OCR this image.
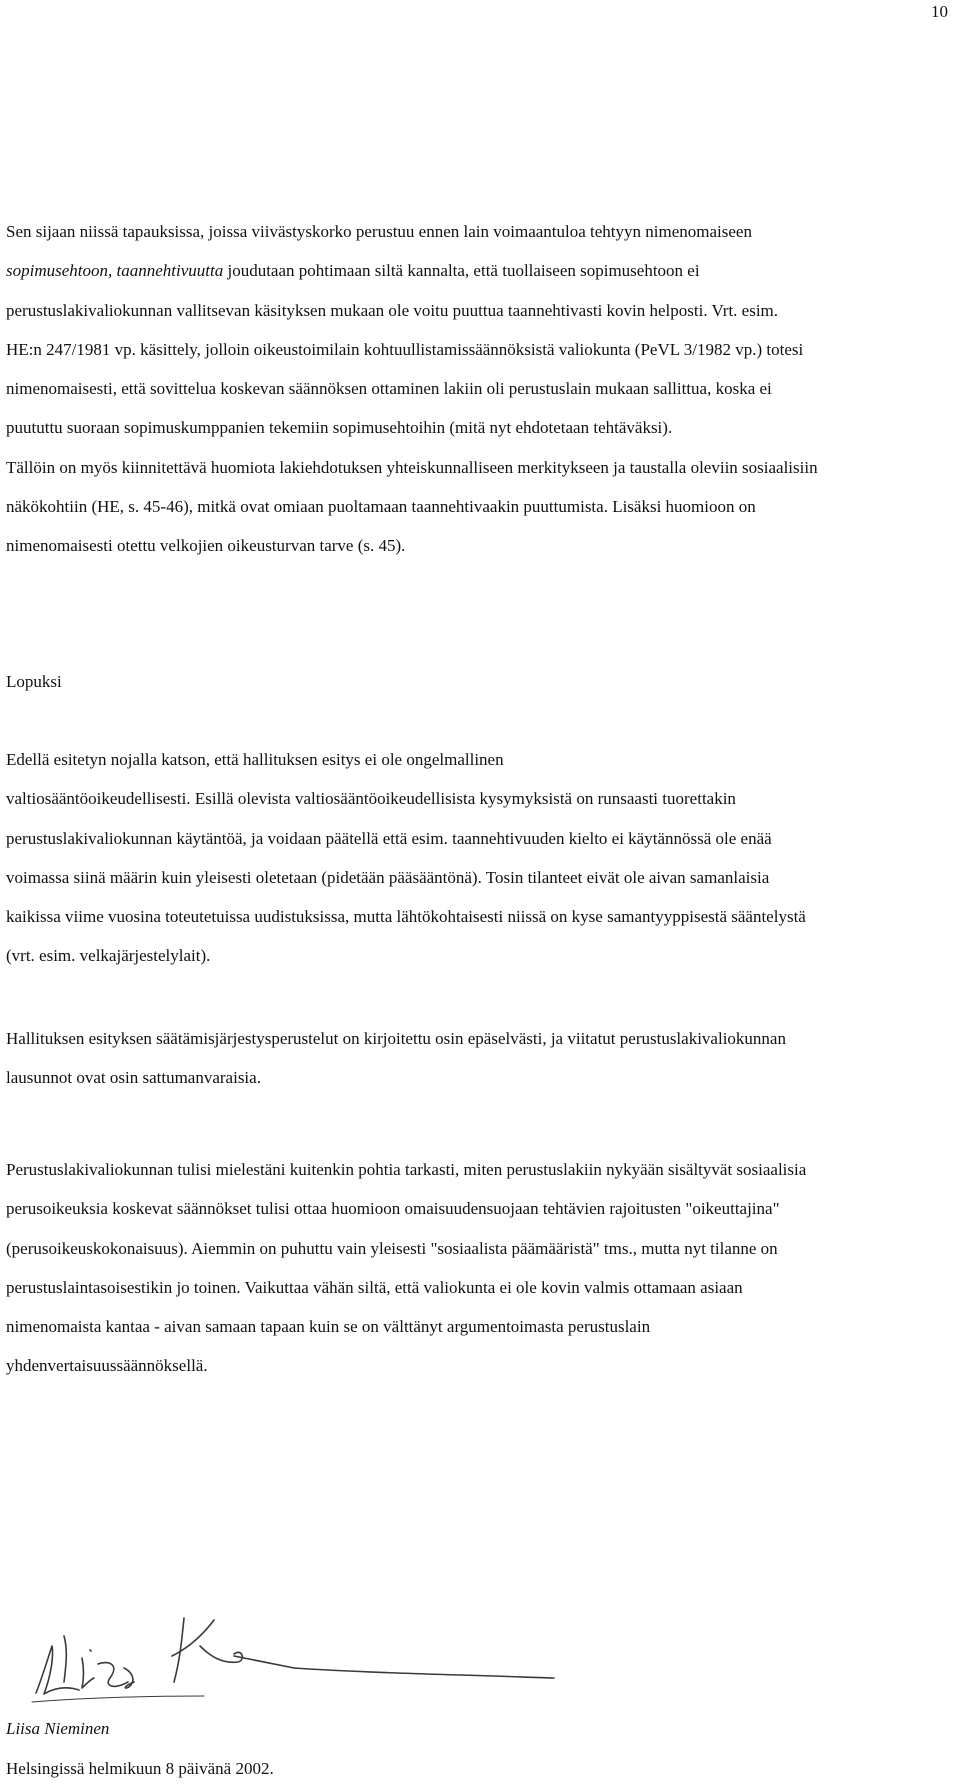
10
Sen sijaan niissä tapauksissa, joissa viivästyskorko perustuu ennen lain voimaantuloa tehtyyn nimenomaiseen
sopimusehtoon, taannehtivuutta joudutaan pohtimaan siltä kannalta, että tuollaiseen sopimusehtoon ei
perustuslakivaliokunnan vallitsevan käsityksen mukaan ole voitu puuttua taannehtivasti kovin helposti. Vrt. esim.
HE:n 247/1981 vp. käsittely, jolloin oikeustoimilain kohtuullistamissäännöksistä valiokunta (PeVL 3/1982 vp.) totesi
nimenomaisesti, että sovittelua koskevan säännöksen ottaminen lakiin oli perustuslain mukaan sallittua, koska ei
puututtu suoraan sopimuskumppanien tekemiin sopimusehtoihin (mitä nyt ehdotetaan tehtäväksi).
Tällöin on myös kiinnitettävä huomiota lakiehdotuksen yhteiskunnalliseen merkitykseen ja taustalla oleviin sosiaalisiin
näkökohtiin (HE, s. 45-46), mitkä ovat omiaan puoltamaan taannehtivaakin puuttumista. Lisäksi huomioon on
nimenomaisesti otettu velkojien oikeusturvan tarve (s. 45).
Lopuksi
Edellä esitetyn nojalla katson, että hallituksen esitys ei ole ongelmallinen
valtiosääntöoikeudellisesti. Esillä olevista valtiosääntöoikeudellisista kysymyksistä on runsaasti tuorettakin
perustuslakivaliokunnan käytäntöä, ja voidaan päätellä että esim. taannehtivuuden kielto ei käytännössä ole enää
voimassa siinä määrin kuin yleisesti oletetaan (pidetään pääsääntönä). Tosin tilanteet eivät ole aivan samanlaisia
kaikissa viime vuosina toteutetuissa uudistuksissa, mutta lähtökohtaisesti niissä on kyse samantyyppisestä sääntelystä
(vrt. esim. velkajärjestelylait).
Hallituksen esityksen säätämisjärjestysperustelut on kirjoitettu osin epäselvästi, ja viitatut perustuslakivaliokunnan
lausunnot ovat osin sattumanvaraisia.
Perustuslakivaliokunnan tulisi mielestäni kuitenkin pohtia tarkasti, miten perustuslakiin nykyään sisältyvät sosiaalisia
perusoikeuksia koskevat säännökset tulisi ottaa huomioon omaisuudensuojaan tehtävien rajoitusten "oikeuttajina"
(perusoikeuskokonaisuus). Aiemmin on puhuttu vain yleisesti "sosiaalista päämääristä" tms., mutta nyt tilanne on
perustuslaintasoisestikin jo toinen. Vaikuttaa vähän siltä, että valiokunta ei ole kovin valmis ottamaan asiaan
nimenomaista kantaa - aivan samaan tapaan kuin se on välttänyt argumentoimasta perustuslain
yhdenvertaisuussäännöksellä.
Liisa Nieminen
Helsingissä helmikuun 8 päivänä 2002.
